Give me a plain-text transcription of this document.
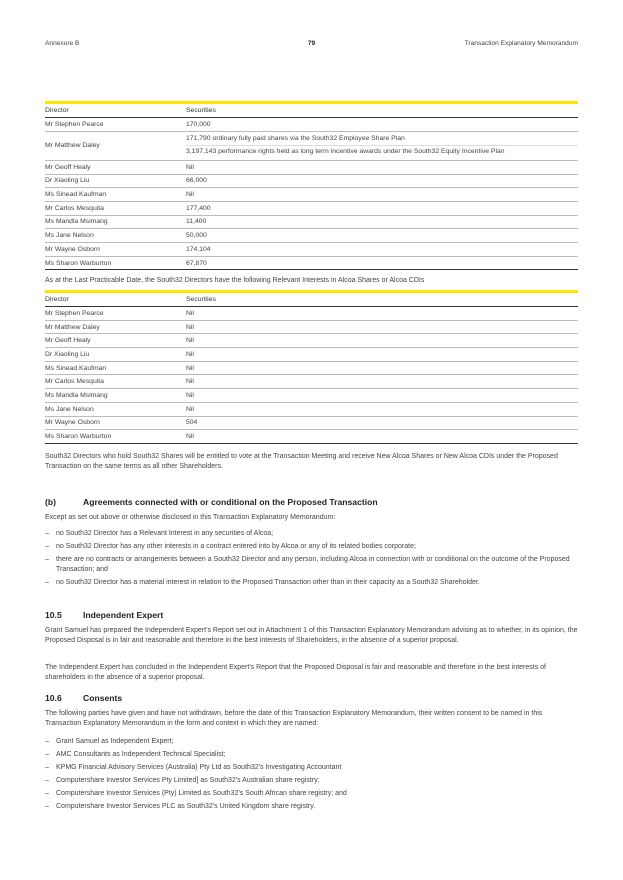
Annexure B	79	Transaction Explanatory Memorandum

Director	Securities
Mr Stephen Pearce	170,000
Mr Matthew Daley	171,790 ordinary fully paid shares via the South32 Employee Share Plan
3,197,143 performance rights held as long term incentive awards under the South32 Equity Incentive Plan

Mr Geoff Healy	Nil
Dr Xiaoling Liu	66,000
Ms Sinead Kaufman	Nil
Mr Carlos Mesquita	177,400
Ms Mandla Msimang	11,400
Ms Jane Nelson	50,000
Mr Wayne Osborn	174,104
Ms Sharon Warburton	67,870

As at the Last Practicable Date, the South32 Directors have the following Relevant Interests in Alcoa Shares or Alcoa CDIs

Director	Securities
Mr Stephen Pearce	Nil
Mr Matthew Daley	Nil
Mr Geoff Healy	Nil
Dr Xiaoling Liu	Nil
Ms Sinead Kaufman	Nil
Mr Carlos Mesquita	Nil
Ms Mandla Msimang	Nil
Ms Jane Nelson	Nil
Mr Wayne Osborn	504
Ms Sharon Warburton	Nil

South32 Directors who hold South32 Shares will be entitled to vote at the Transaction Meeting and receive New Alcoa Shares or New Alcoa CDIs under the Proposed Transaction on the same terms as all other Shareholders.

(b)	Agreements connected with or conditional on the Proposed Transaction

Except as set out above or otherwise disclosed in this Transaction Explanatory Memorandum:

– no South32 Director has a Relevant Interest in any securities of Alcoa;
– no South32 Director has any other interests in a contract entered into by Alcoa or any of its related bodies corporate;
– there are no contracts or arrangements between a South32 Director and any person, including Alcoa in connection with or conditional on the outcome of the Proposed Transaction; and
– no South32 Director has a material interest in relation to the Proposed Transaction other than in their capacity as a South32 Shareholder.
10.5 Independent Expert

Grant Samuel has prepared the Independent Expert's Report set out in Attachment 1 of this Transaction Explanatory Memorandum advising as to whether, in its opinion, the Proposed Disposal is in fair and reasonable and therefore in the best interests of Shareholders, in the absence of a superior proposal.

The Independent Expert has concluded in the Independent Expert's Report that the Proposed Disposal is fair and reasonable and therefore in the best interests of shareholders in the absence of a superior proposal.

10.6 Consents

The following parties have given and have not withdrawn, before the date of this Transaction Explanatory Memorandum, their written consent to be named in this Transaction Explanatory Memorandum in the form and context in which they are named:

– Grant Samuel as Independent Expert;
– AMC Consultants as Independent Technical Specialist;
– KPMG Financial Advisory Services (Australia) Pty Ltd as South32's Investigating Accountant
– Computershare Investor Services Pty Limited] as South32's Australian share registry;
– Computershare Investor Services (Pty) Limited as South32's South African share registry; and
– Computershare Investor Services PLC as South32's United Kingdom share registry.
